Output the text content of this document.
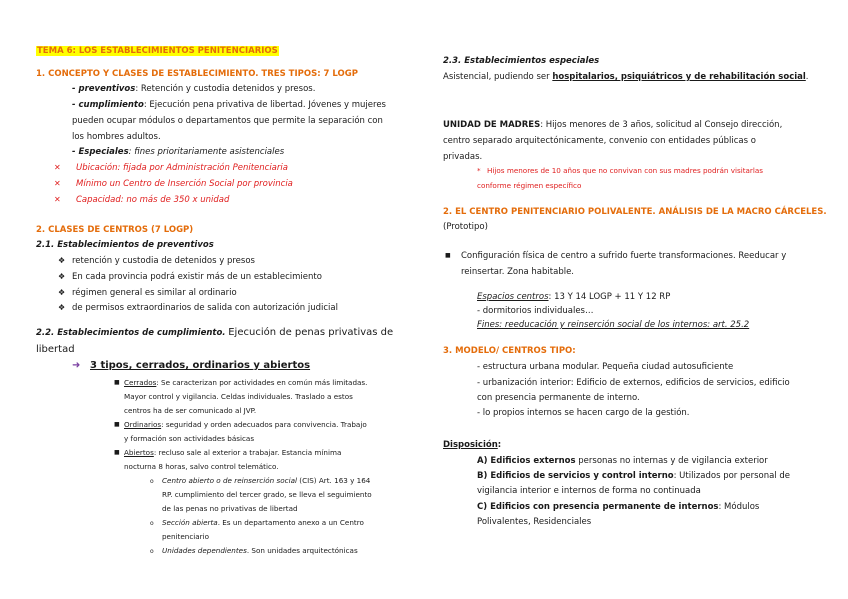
TEMA 6: LOS ESTABLECIMIENTOS PENITENCIARIOS
1. CONCEPTO Y CLASES DE ESTABLECIMIENTO. TRES TIPOS: 7 LOGP
- preventivos: Retención y custodia detenidos y presos.
- cumplimiento: Ejecución pena privativa de libertad. Jóvenes y mujeres
pueden ocupar módulos o departamentos que permite la separación con
los hombres adultos.
- Especiales: fines prioritariamente asistenciales
✕ Ubicación: fijada por Administración Penitenciaria
✕ Mínimo un Centro de Inserción Social por provincia
✕ Capacidad: no más de 350 x unidad
2. CLASES DE CENTROS (7 LOGP)
2.1. Establecimientos de preventivos
❖ retención y custodia de detenidos y presos
❖ En cada provincia podrá existir más de un establecimiento
❖ régimen general es similar al ordinario
❖ de permisos extraordinarios de salida con autorización judicial
2.2. Establecimientos de cumplimiento. Ejecución de penas privativas de
libertad
➜ 3 tipos, cerrados, ordinarios y abiertos
■ Cerrados: Se caracterizan por actividades en común más limitadas.
Mayor control y vigilancia. Celdas individuales. Traslado a estos
centros ha de ser comunicado al JVP.
■ Ordinarios: seguridad y orden adecuados para convivencia. Trabajo
y formación son actividades básicas
■ Abiertos: recluso sale al exterior a trabajar. Estancia mínima
nocturna 8 horas, salvo control telemático.
o Centro abierto o de reinserción social (CIS) Art. 163 y 164
RP. cumplimiento del tercer grado, se lleva el seguimiento
de las penas no privativas de libertad
o Sección abierta. Es un departamento anexo a un Centro
penitenciario
o Unidades dependientes. Son unidades arquitectónicas
2.3. Establecimientos especiales
Asistencial, pudiendo ser hospitalarios, psiquiátricos y de rehabilitación social.
UNIDAD DE MADRES: Hijos menores de 3 años, solicitud al Consejo dirección,
centro separado arquitectónicamente, convenio con entidades públicas o
privadas.
* Hijos menores de 10 años que no convivan con sus madres podrán visitarlas
conforme régimen específico
2. EL CENTRO PENITENCIARIO POLIVALENTE. ANÁLISIS DE LA MACRO CÁRCELES.
(Prototipo)
■ Configuración física de centro a sufrido fuerte transformaciones. Reeducar y
reinsertar. Zona habitable.
Espacios centros: 13 Y 14 LOGP + 11 Y 12 RP
- dormitorios individuales…
Fines: reeducación y reinserción social de los internos: art. 25.2
3. MODELO/ CENTROS TIPO:
- estructura urbana modular. Pequeña ciudad autosuficiente
- urbanización interior: Edificio de externos, edificios de servicios, edificio
con presencia permanente de interno.
- lo propios internos se hacen cargo de la gestión.
Disposición:
A) Edificios externos personas no internas y de vigilancia exterior
B) Edificios de servicios y control interno: Utilizados por personal de
vigilancia interior e internos de forma no continuada
C) Edificios con presencia permanente de internos: Módulos
Polivalentes, Residenciales
